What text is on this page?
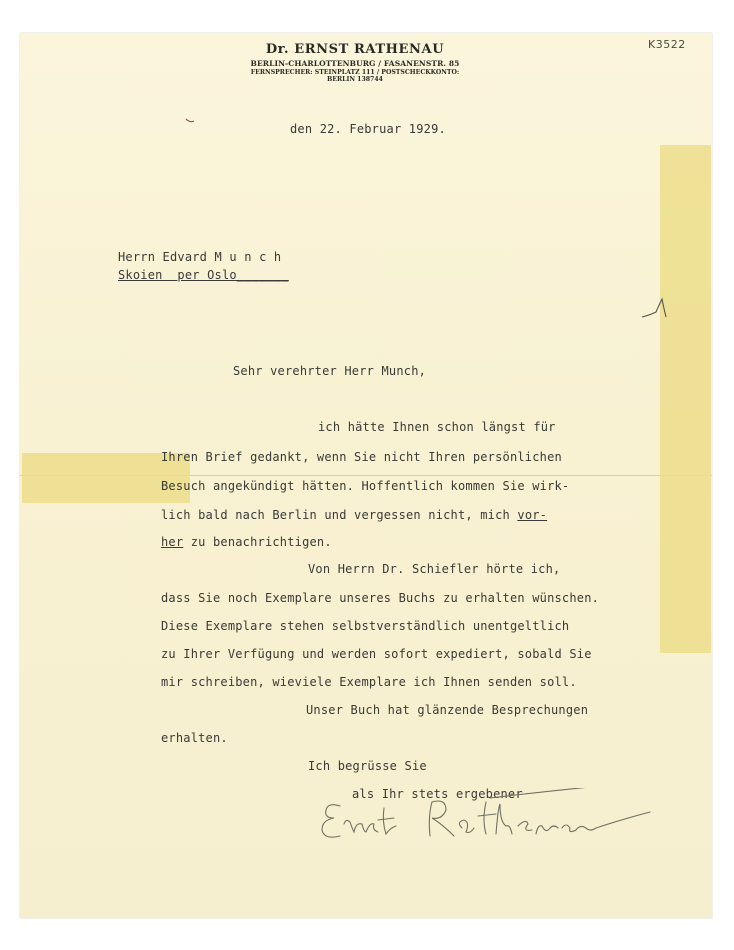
K3522
Dr. ERNST RATHENAU
BERLIN-CHARLOTTENBURG / FASANENSTR. 85
FERNSPRECHER: STEINPLATZ 111 / POSTSCHECKKONTO:
BERLIN 138744
den 22. Februar 1929.
Herrn Edvard M u n c h
Skoien  per Oslo_______
Sehr verehrter Herr Munch,
ich hätte Ihnen schon längst für
Ihren Brief gedankt, wenn Sie nicht Ihren persönlichen
Besuch angekündigt hätten. Hoffentlich kommen Sie wirk-
lich bald nach Berlin und vergessen nicht, mich vor-
her zu benachrichtigen.
Von Herrn Dr. Schiefler hörte ich,
dass Sie noch Exemplare unseres Buchs zu erhalten wünschen.
Diese Exemplare stehen selbstverständlich unentgeltlich
zu Ihrer Verfügung und werden sofort expediert, sobald Sie
mir schreiben, wieviele Exemplare ich Ihnen senden soll.
Unser Buch hat glänzende Besprechungen
erhalten.
Ich begrüsse Sie
als Ihr stets ergebener
